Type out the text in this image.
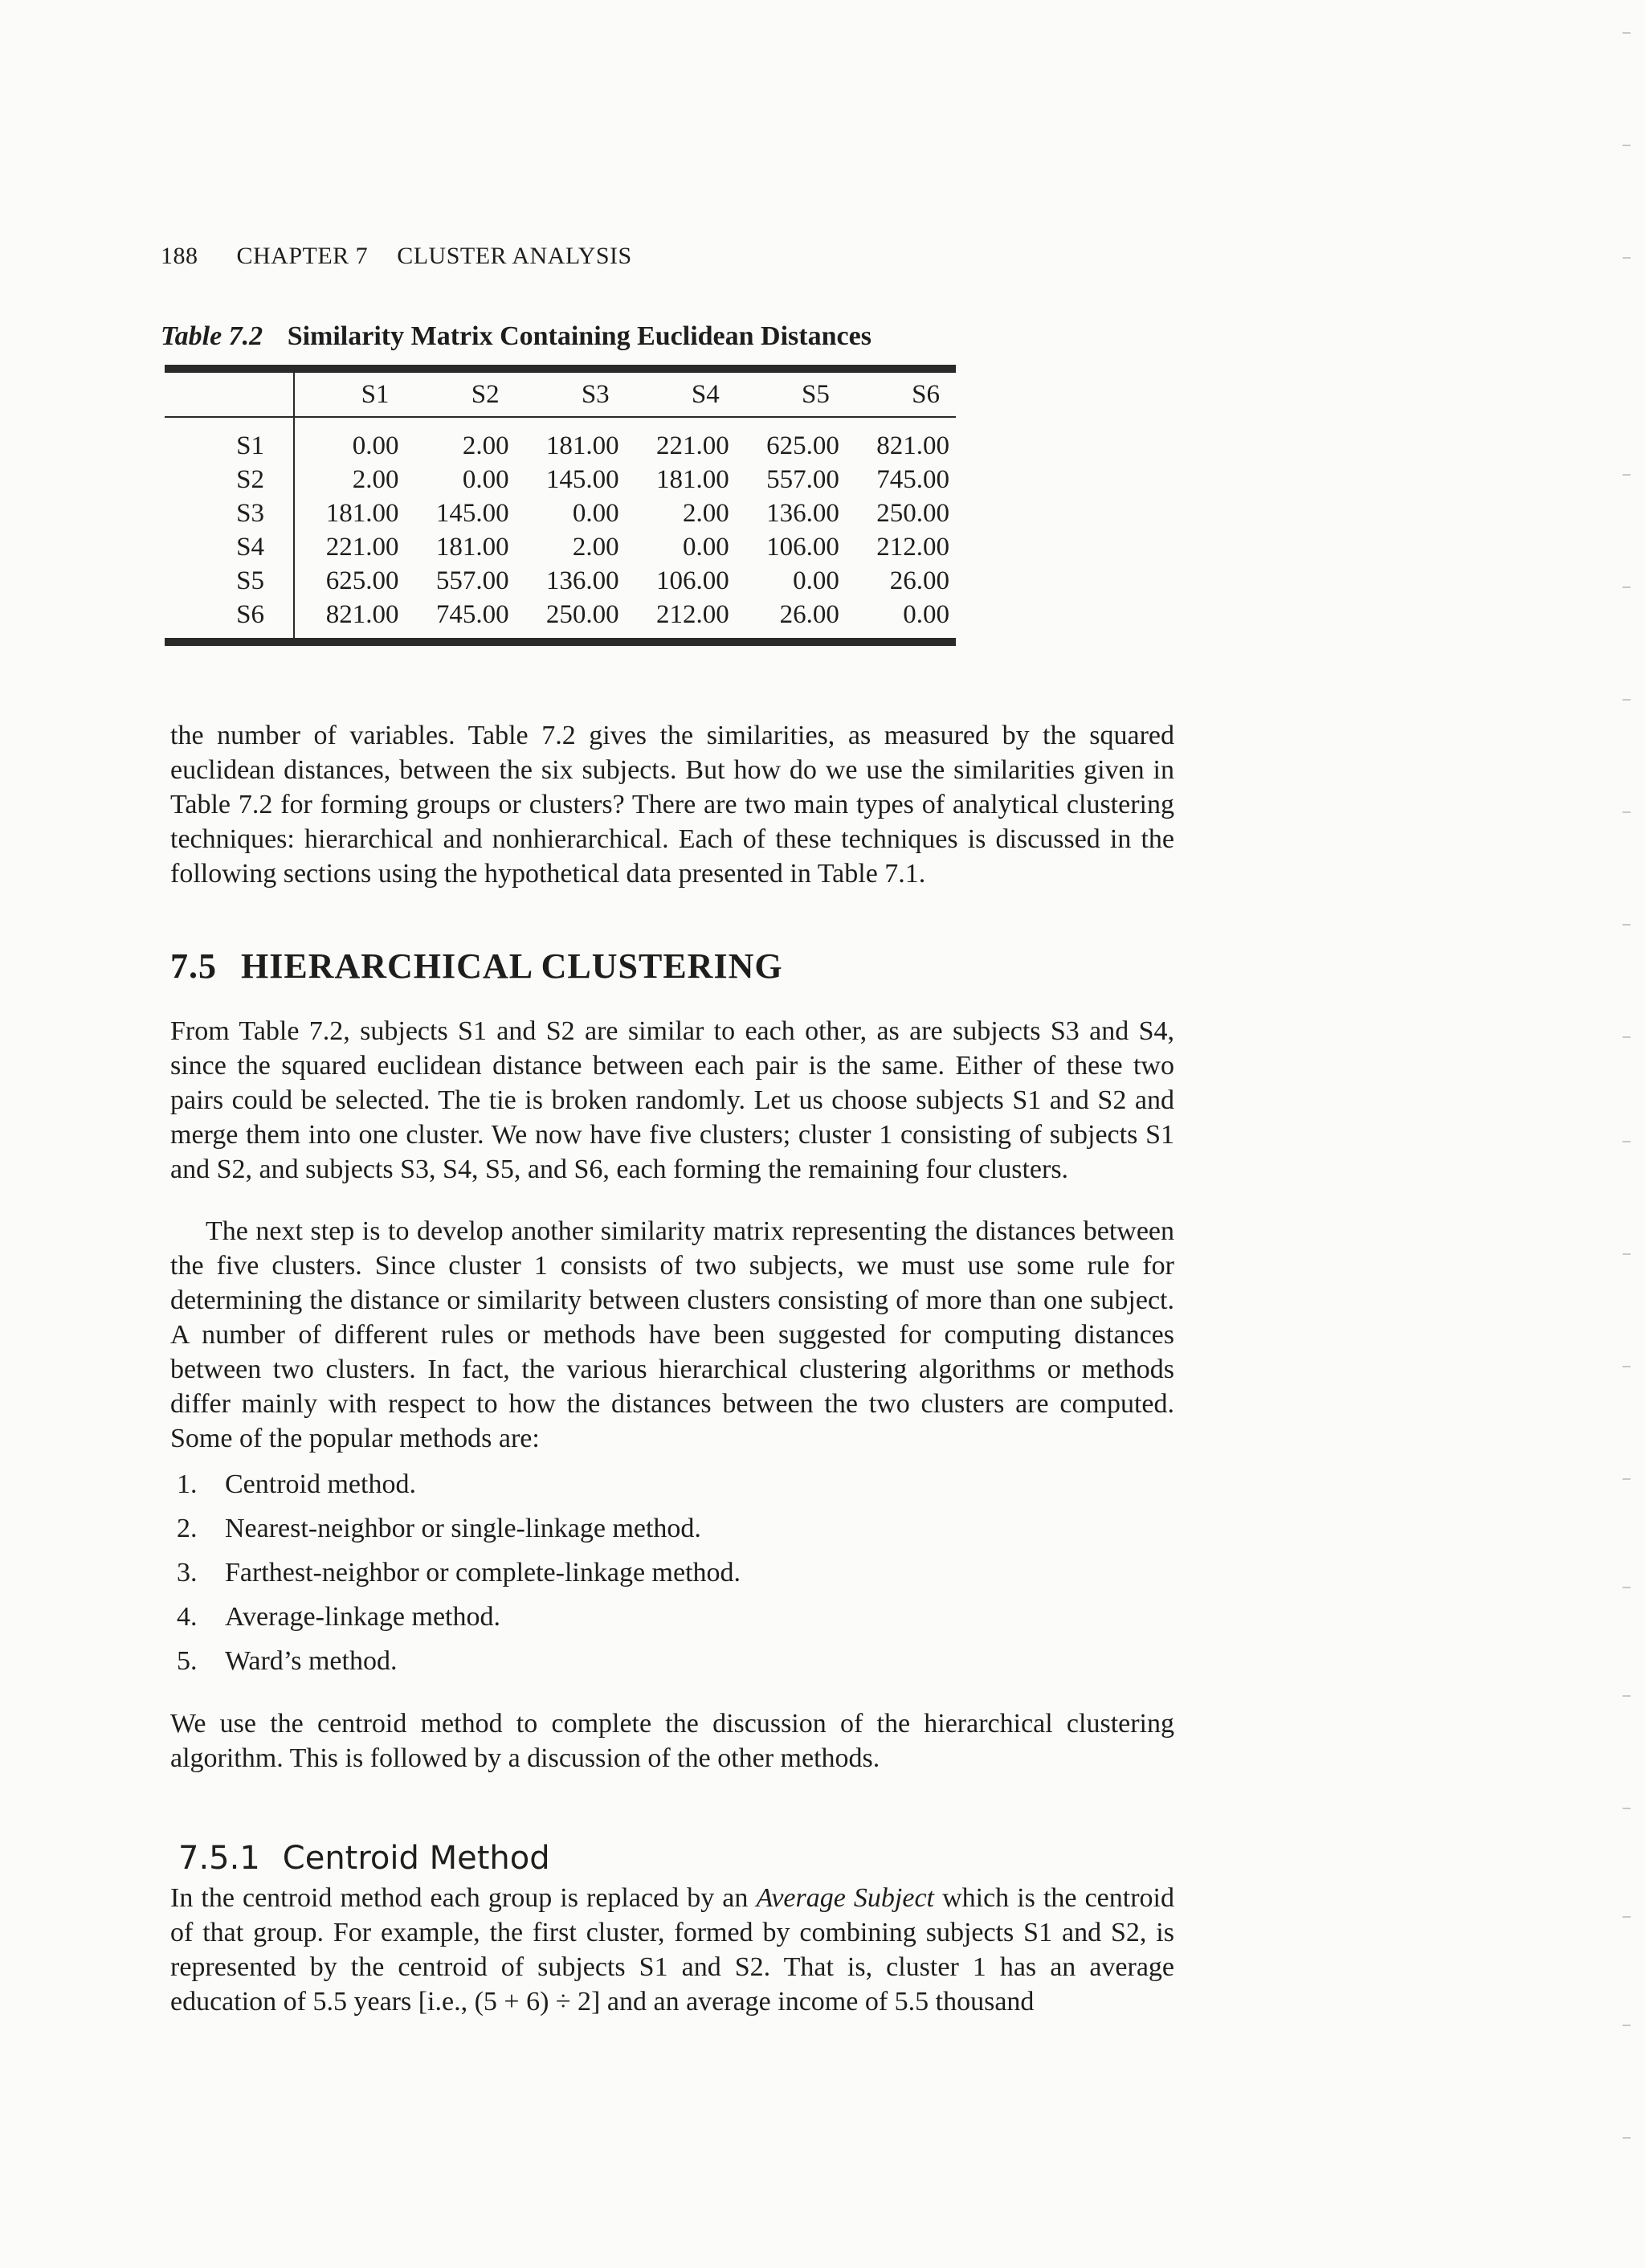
188 CHAPTER 7 CLUSTER ANALYSIS
Table 7.2 Similarity Matrix Containing Euclidean Distances
	S1	S2	S3	S4	S5	S6
S1	0.00	2.00	181.00	221.00	625.00	821.00
S2	2.00	0.00	145.00	181.00	557.00	745.00
S3	181.00	145.00	0.00	2.00	136.00	250.00
S4	221.00	181.00	2.00	0.00	106.00	212.00
S5	625.00	557.00	136.00	106.00	0.00	26.00
S6	821.00	745.00	250.00	212.00	26.00	0.00

the number of variables. Table 7.2 gives the similarities, as measured by the squared euclidean distances, between the six subjects. But how do we use the similarities given in Table 7.2 for forming groups or clusters? There are two main types of analytical clustering techniques: hierarchical and nonhierarchical. Each of these techniques is discussed in the following sections using the hypothetical data presented in Table 7.1.

7.5 HIERARCHICAL CLUSTERING

From Table 7.2, subjects S1 and S2 are similar to each other, as are subjects S3 and S4, since the squared euclidean distance between each pair is the same. Either of these two pairs could be selected. The tie is broken randomly. Let us choose subjects S1 and S2 and merge them into one cluster. We now have five clusters; cluster 1 consisting of subjects S1 and S2, and subjects S3, S4, S5, and S6, each forming the remaining four clusters.

The next step is to develop another similarity matrix representing the distances between the five clusters. Since cluster 1 consists of two subjects, we must use some rule for determining the distance or similarity between clusters consisting of more than one subject. A number of different rules or methods have been suggested for computing distances between two clusters. In fact, the various hierarchical clustering algorithms or methods differ mainly with respect to how the distances between the two clusters are computed. Some of the popular methods are:

1. Centroid method.
2. Nearest-neighbor or single-linkage method.
3. Farthest-neighbor or complete-linkage method.
4. Average-linkage method.
5. Ward’s method.

We use the centroid method to complete the discussion of the hierarchical clustering algorithm. This is followed by a discussion of the other methods.

7.5.1 Centroid Method

In the centroid method each group is replaced by an Average Subject which is the centroid of that group. For example, the first cluster, formed by combining subjects S1 and S2, is represented by the centroid of subjects S1 and S2. That is, cluster 1 has an average education of 5.5 years [i.e., (5 + 6) ÷ 2] and an average income of 5.5 thousand
